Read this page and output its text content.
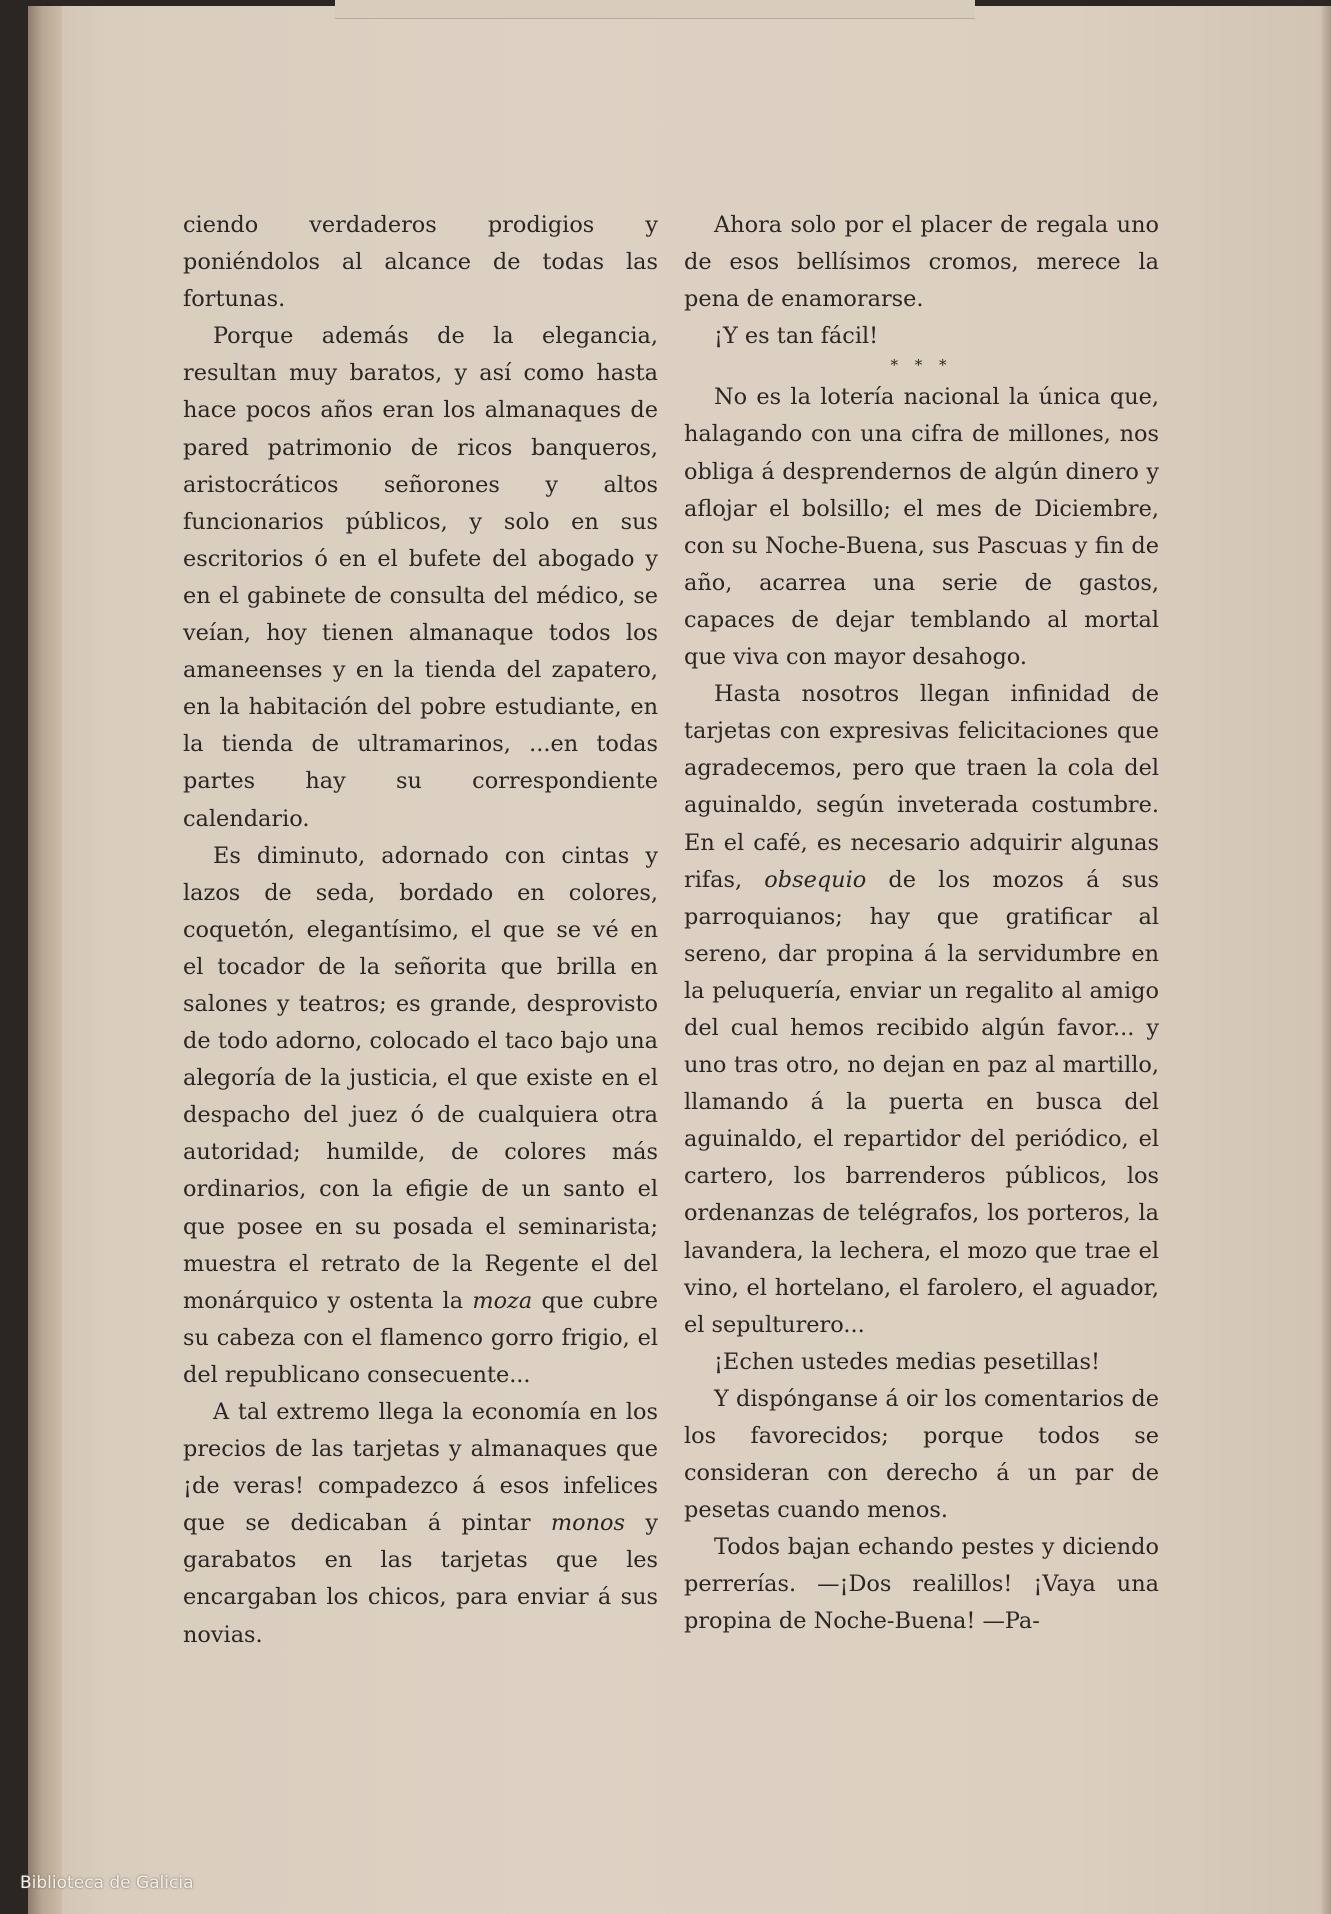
ciendo verdaderos prodigios y poniéndolos al alcance de todas las fortunas.

Porque además de la elegancia, resultan muy baratos, y así como hasta hace pocos años eran los almanaques de pared patrimonio de ricos banqueros, aristocráticos señorones y altos funcionarios públicos, y solo en sus escritorios ó en el bufete del abogado y en el gabinete de consulta del médico, se veían, hoy tienen almanaque todos los amaneenses y en la tienda del zapatero, en la habitación del pobre estudiante, en la tienda de ultramarinos, ...en todas partes hay su correspondiente calendario.

Es diminuto, adornado con cintas y lazos de seda, bordado en colores, coquetón, elegantísimo, el que se vé en el tocador de la señorita que brilla en salones y teatros; es grande, desprovisto de todo adorno, colocado el taco bajo una alegoría de la justicia, el que existe en el despacho del juez ó de cualquiera otra autoridad; humilde, de colores más ordinarios, con la efigie de un santo el que posee en su posada el seminarista; muestra el retrato de la Regente el del monárquico y ostenta la moza que cubre su cabeza con el flamenco gorro frigio, el del republicano consecuente...

A tal extremo llega la economía en los precios de las tarjetas y almanaques que ¡de veras! compadezco á esos infelices que se dedicaban á pintar monos y garabatos en las tarjetas que les encargaban los chicos, para enviar á sus novias.

Ahora solo por el placer de regala uno de esos bellísimos cromos, merece la pena de enamorarse.

¡Y es tan fácil!

* * *

No es la lotería nacional la única que, halagando con una cifra de millones, nos obliga á desprendernos de algún dinero y aflojar el bolsillo; el mes de Diciembre, con su Noche-Buena, sus Pascuas y fin de año, acarrea una serie de gastos, capaces de dejar temblando al mortal que viva con mayor desahogo.

Hasta nosotros llegan infinidad de tarjetas con expresivas felicitaciones que agradecemos, pero que traen la cola del aguinaldo, según inveterada costumbre. En el café, es necesario adquirir algunas rifas, obsequio de los mozos á sus parroquianos; hay que gratificar al sereno, dar propina á la servidumbre en la peluquería, enviar un regalito al amigo del cual hemos recibido algún favor... y uno tras otro, no dejan en paz al martillo, llamando á la puerta en busca del aguinaldo, el repartidor del periódico, el cartero, los barrenderos públicos, los ordenanzas de telégrafos, los porteros, la lavandera, la lechera, el mozo que trae el vino, el hortelano, el farolero, el aguador, el sepulturero...

¡Echen ustedes medias pesetillas!

Y dispónganse á oir los comentarios de los favorecidos; porque todos se consideran con derecho á un par de pesetas cuando menos.

Todos bajan echando pestes y diciendo perrerías. —¡Dos realillos! ¡Vaya una propina de Noche-Buena! —Pa-

Biblioteca de Galicia
